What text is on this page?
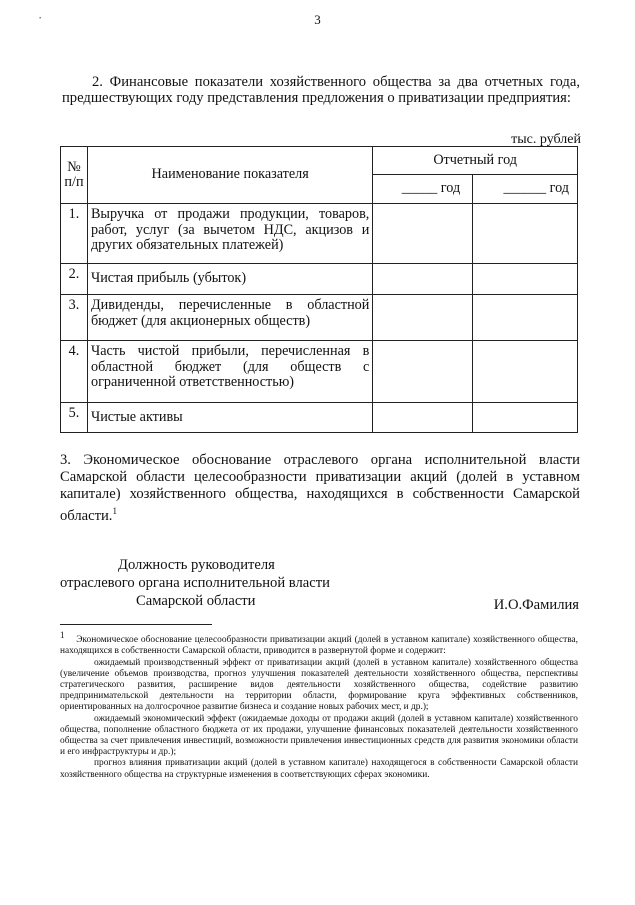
·	3
2. Финансовые показатели хозяйственного общества за два отчетных года, предшествующих году представления предложения о приватизации предприятия:
тыс. рублей
№ п/п	Наименование показателя	Отчетный год	
		_____ год	______ год
1.	Выручка от продажи продукции, товаров, работ, услуг (за вычетом НДС, акцизов и других обязательных платежей)		
2.	Чистая прибыль (убыток)		
3.	Дивиденды, перечисленные в областной бюджет (для акционерных обществ)		
4.	Часть чистой прибыли, перечисленная в областной бюджет (для обществ с ограниченной ответственностью)		
5.	Чистые активы		
3. Экономическое обоснование отраслевого органа исполнительной власти Самарской области целесообразности приватизации акций (долей в уставном капитале) хозяйственного общества, находящихся в собственности Самарской области.$^1$
Должность руководителя
отраслевого органа исполнительной власти
Самарской области	И.О.Фамилия

$^1$    Экономическое обоснование целесообразности приватизации акций (долей в уставном капитале) хозяйственного общества, находящихся в собственности Самарской области, приводится в развернутой форме и содержит:

ожидаемый производственный эффект от приватизации акций (долей в уставном капитале) хозяйственного общества (увеличение объемов производства, прогноз улучшения показателей деятельности хозяйственного общества, перспективы стратегического развития, расширение видов деятельности хозяйственного общества, содействие развитию предпринимательской деятельности на территории области, формирование круга эффективных собственников, ориентированных на долгосрочное развитие бизнеса и создание новых рабочих мест, и др.);

ожидаемый экономический эффект (ожидаемые доходы от продажи акций (долей в уставном капитале) хозяйственного общества, пополнение областного бюджета от их продажи, улучшение финансовых показателей деятельности хозяйственного общества за счет привлечения инвестиций, возможности привлечения инвестиционных средств для развития экономики области и его инфраструктуры и др.);

прогноз влияния приватизации акций (долей в уставном капитале) находящегося в собственности Самарской области хозяйственного общества на структурные изменения в соответствующих сферах экономики.
